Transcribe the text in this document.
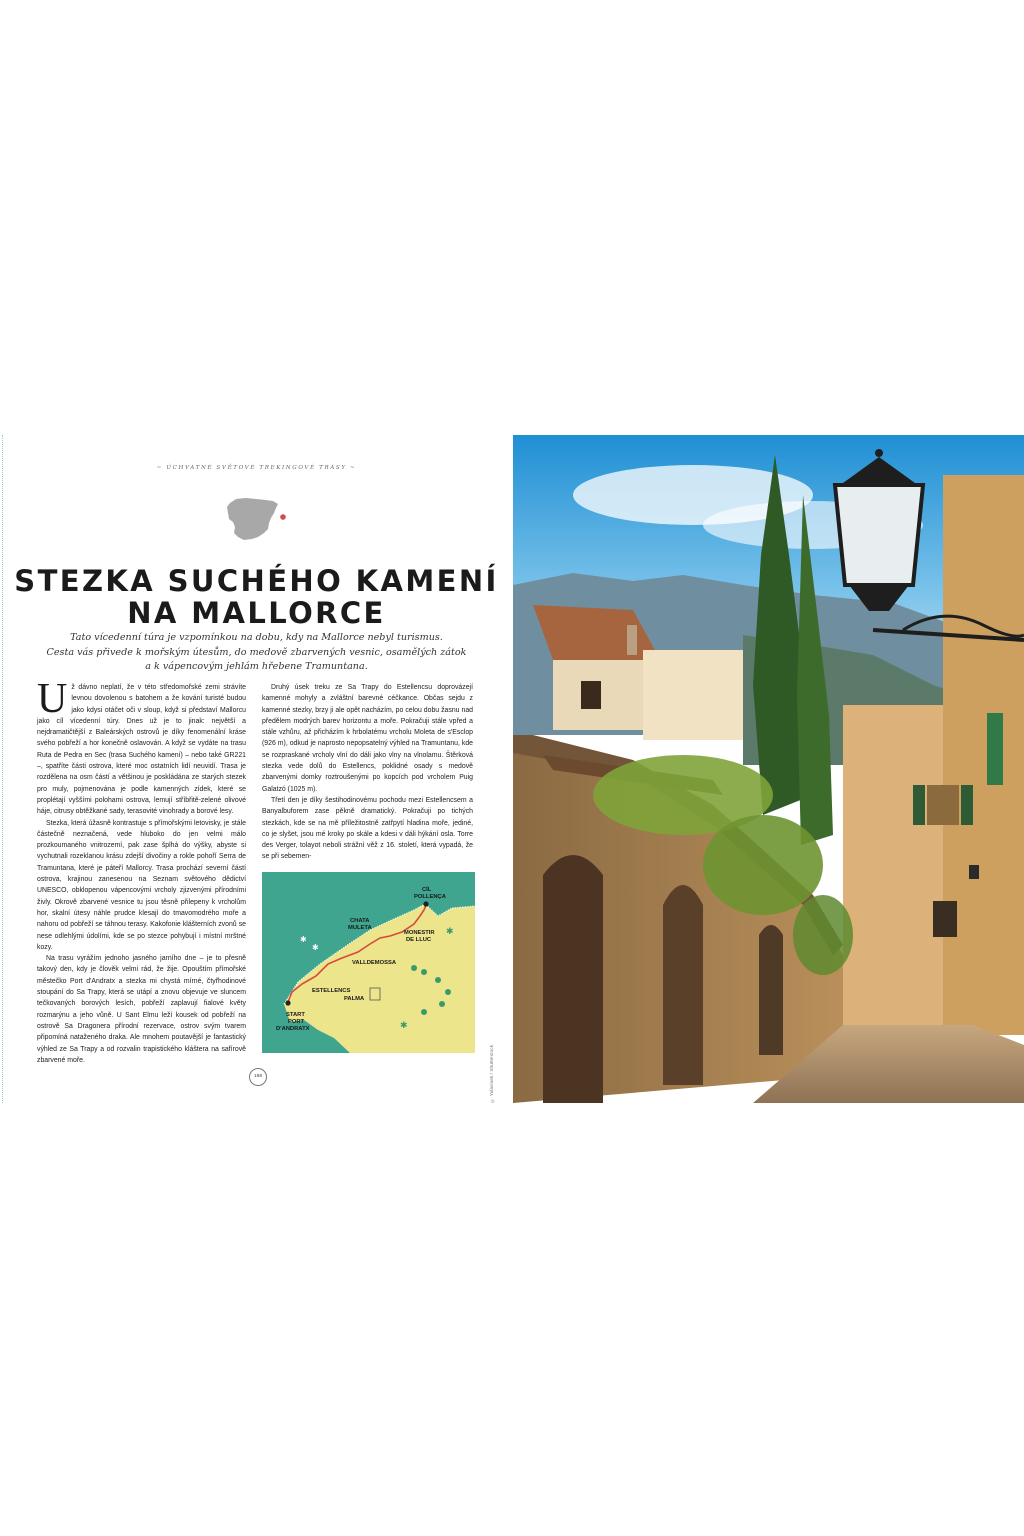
~ ÚCHVATNÉ SVĚTOVÉ TREKINGOVÉ TRASY ~
STEZKA SUCHÉHO KAMENÍ
NA MALLORCE

Tato vícedenní túra je vzpomínkou na dobu, kdy na Mallorce nebyl turismus.
Cesta vás přivede k mořským útesům, do medově zbarvených vesnic, osamělých zátok
a k vápencovým jehlám hřebene Tramuntana.

Už dávno neplatí, že v této středomořské zemi strávíte levnou dovolenou s batohem a že kování turisté budou jako kdysi otáčet oči v sloup, když si představí Mallorcu jako cíl vícedenní túry. Dnes už je to jinak: největší a nejdramatičtější z Baleárských ostrovů je díky fenomenální kráse svého pobřeží a hor konečně oslavován. A když se vydáte na trasu Ruta de Pedra en Sec (trasa Suchého kamení) – nebo také GR221 –, spatříte části ostrova, které moc ostatních lidí neuvidí. Trasa je rozdělena na osm částí a většinou je poskládána ze starých stezek pro muly, pojmenována je podle kamenných zídek, které se proplétají vyššími polohami ostrova, lemují stříbřitě-zelené olivové háje, citrusy obtěžkané sady, terasovité vinohrady a borové lesy.

Stezka, která úžasně kontrastuje s přímořskými letovisky, je stále částečně neznačená, vede hluboko do jen velmi málo prozkoumaného vnitrozemí, pak zase šplhá do výšky, abyste si vychutnali rozeklanou krásu zdejší divočiny a rokle pohoří Serra de Tramuntana, které je páteří Mallorcy. Trasa prochází severní částí ostrova, krajinou zanesenou na Seznam světového dědictví UNESCO, obklopenou vápencovými vrcholy zjizvenými přírodními živly. Okrově zbarvené vesnice tu jsou těsně přilepeny k vrcholům hor, skalní útesy náhle prudce klesají do tmavomodrého moře a nahoru od pobřeží se táhnou terasy. Kakofonie klášterních zvonů se nese odlehlými údolími, kde se po stezce pohybují i místní mrštné kozy.

Na trasu vyrážím jednoho jasného jarního dne – je to přesně takový den, kdy je člověk velmi rád, že žije. Opouštím přímořské městečko Port d'Andratx a stezka mi chystá mírné, čtyřhodinové stoupání do Sa Trapy, která se utápí a znovu objevuje ve sluncem tečkovaných borových lesích, pobřeží zaplavují fialové květy rozmarýnu a jeho vůně. U Sant Elmu leží kousek od pobřeží na ostrově Sa Dragonera přírodní rezervace, ostrov svým tvarem připomíná nataženého draka. Ale mnohem poutavější je fantastický výhled ze Sa Trapy a od rozvalin trapistického kláštera na safírově zbarvené moře.

Druhý úsek treku ze Sa Trapy do Estellencsu doprovázejí kamenné mohyly a zvláštní barevné céčkance. Občas sejdu z kamenné stezky, brzy ji ale opět nacházím, po celou dobu žasnu nad předělem modrých barev horizontu a moře. Pokračuji stále vpřed a stále vzhůru, až přicházím k hrbolatému vrcholu Moleta de s'Esclop (926 m), odkud je naprosto nepopsatelný výhled na Tramuntanu, kde se rozpraskané vrcholy vlní do dáli jako vlny na vlnolamu. Štěrková stezka vede dolů do Estellencs, poklidné osady s medově zbarvenými domky roztroušenými po kopcích pod vrcholem Puig Galatzó (1025 m).

Třetí den je díky šestihodinovému pochodu mezi Estellencsem a Banyalbuforem zase pěkně dramatický. Pokračuji po tichých stezkách, kde se na mě příležitostně zatřpytí hladina moře, jediné, co je slyšet, jsou mé kroky po skále a kdesi v dáli hýkání osla. Torre des Verger, tolayot neboli strážní věž z 16. století, která vypadá, že se při sebemen-

✱
✱
✱
✱
CÍL
POLLENÇA
CHATA
MULETA
MONESTIR
DE LLUC
VALLDEMOSSA
ESTELLENCS
PALMA
START
PORT
D'ANDRATX
198	© Yulasinek / Shutterstock
